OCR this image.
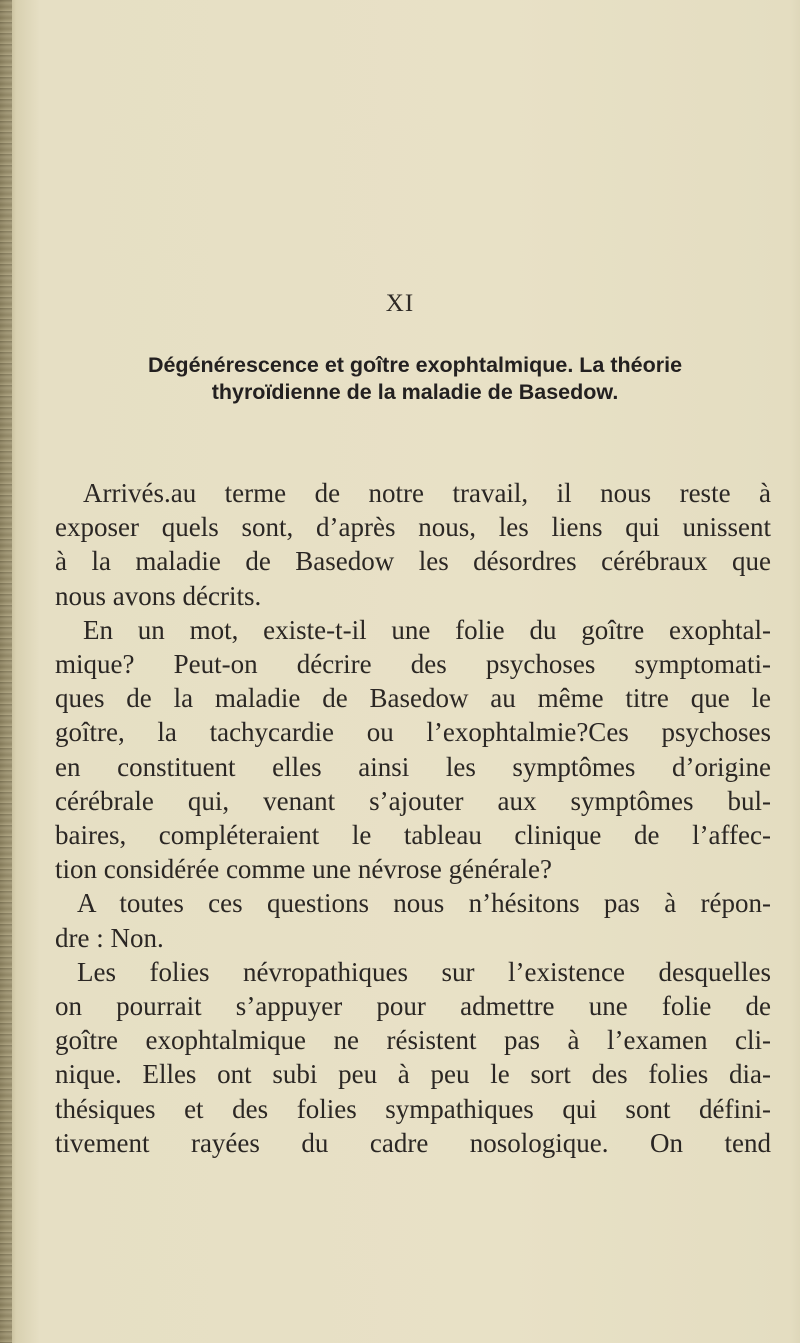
XI
Dégénérescence et goître exophtalmique. La théorie
thyroïdienne de la maladie de Basedow.
Arrivés.au terme de notre travail, il nous reste à
exposer quels sont, d’après nous, les liens qui unissent
à la maladie de Basedow les désordres cérébraux que
nous avons décrits.
En un mot, existe-t-il une folie du goître exophtal-
mique? Peut-on décrire des psychoses symptomati-
ques de la maladie de Basedow au même titre que le
goître, la tachycardie ou l’exophtalmie?Ces psychoses
en constituent elles ainsi les symptômes d’origine
cérébrale qui, venant s’ajouter aux symptômes bul-
baires, compléteraient le tableau clinique de l’affec-
tion considérée comme une névrose générale?
A toutes ces questions nous n’hésitons pas à répon-
dre : Non.
Les folies névropathiques sur l’existence desquelles
on pourrait s’appuyer pour admettre une folie de
goître exophtalmique ne résistent pas à l’examen cli-
nique. Elles ont subi peu à peu le sort des folies dia-
thésiques et des folies sympathiques qui sont défini-
tivement rayées du cadre nosologique. On tend
